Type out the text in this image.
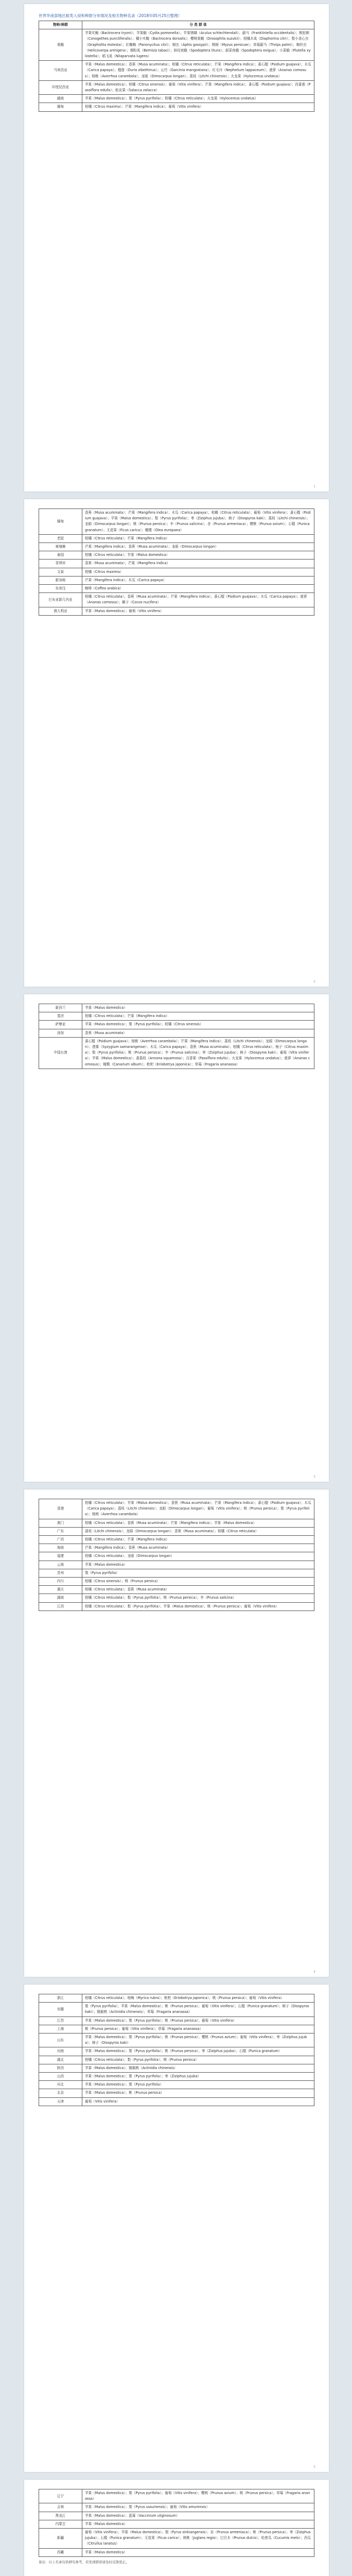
世界华南部地区蛙类入侵和种群分布情况及相关物种名录（2018年05月25日整理）
物种/种群	分 类 群 体
果蝇	苹果实蝇（Bactrocera tryoni）；苹果蛾（Cydia pomonella）；苹果锈螨（Aculus schlechtendali）；蓟马（Frankliniella occidentalis）；桃蛀螟（Conogethes punctiferalis）；橘小实蝇（Bactrocera dorsalis）；樱桃果蝇（Drosophila suzukii）；柑橘木虱（Diaphorina citri）；梨小食心虫（Grapholita molesta）；红蜘蛛（Panonychus citri）；蚜虫（Aphis gossypii）；桃蚜（Myzus persicae）；草莓蓟马（Thrips palmi）；棉铃虫（Helicoverpa armigera）；烟粉虱（Bemisia tabaci）；斜纹夜蛾（Spodoptera litura）；甜菜夜蛾（Spodoptera exigua）；小菜蛾（Plutella xylostella）；稻飞虱（Nilaparvata lugens）
马来西亚	苹果（Malus domestica）；香蕉（Musa acuminata）；柑橘（Citrus reticulata）；芒果（Mangifera indica）；番石榴（Psidium guajava）；木瓜（Carica papaya）；榴莲（Durio zibethinus）；山竹（Garcinia mangostana）；红毛丹（Nephelium lappaceum）；菠萝（Ananas comosus）；杨桃（Averrhoa carambola）；龙眼（Dimocarpus longan）；荔枝（Litchi chinensis）；火龙果（Hylocereus undatus）
印度尼西亚	苹果（Malus domestica）；柑橘（Citrus sinensis）；葡萄（Vitis vinifera）；芒果（Mangifera indica）；番石榴（Psidium guajava）；西番莲（Passiflora edulis）；蛇皮果（Salacca zalacca）
越南	苹果（Malus domestica）；梨（Pyrus pyrifolia）；柑橘（Citrus reticulata）；火龙果（Hylocereus undatus）
缅甸	柑橘（Citrus maxima）；芒果（Mangifera indica）；葡萄（Vitis vinifera）
1
缅甸	香蕉（Musa acuminata）；芒果（Mangifera indica）；木瓜（Carica papaya）；柑橘（Citrus reticulata）；葡萄（Vitis vinifera）；番石榴（Psidium guajava）；苹果（Malus domestica）；梨（Pyrus pyrifolia）；枣（Ziziphus jujuba）；柿子（Diospyros kaki）；荔枝（Litchi chinensis）；龙眼（Dimocarpus longan）；桃（Prunus persica）；李（Prunus salicina）；杏（Prunus armeniaca）；樱桃（Prunus avium）；石榴（Punica granatum）；无花果（Ficus carica）；橄榄（Olea europaea）
老挝	柑橘（Citrus reticulata）；芒果（Mangifera indica）
柬埔寨	芒果（Mangifera indica）；香蕉（Musa acuminata）；龙眼（Dimocarpus longan）
泰国	柑橘（Citrus reticulata）；苹果（Malus domestica）
菲律宾	香蕉（Musa acuminata）；芒果（Mangifera indica）
文莱	柑橘（Citrus maxima）
新加坡	芒果（Mangifera indica）；木瓜（Carica papaya）
东帝汶	咖啡（Coffea arabica）
巴布亚新几内亚	柑橘（Citrus reticulata）；香蕉（Musa acuminata）；芒果（Mangifera indica）；番石榴（Psidium guajava）；木瓜（Carica papaya）；菠萝（Ananas comosus）；椰子（Cocos nucifera）
澳大利亚	苹果（Malus domestica）；葡萄（Vitis vinifera）
2
新西兰	苹果（Malus domestica）
斐济	柑橘（Citrus reticulata）；芒果（Mangifera indica）
萨摩亚	苹果（Malus domestica）；梨（Pyrus pyrifolia）；柑橘（Citrus sinensis）
汤加	香蕉（Musa acuminata）
中国台湾	番石榴（Psidium guajava）；杨桃（Averrhoa carambola）；芒果（Mangifera indica）；荔枝（Litchi chinensis）；龙眼（Dimocarpus longan）；莲雾（Syzygium samarangense）；木瓜（Carica papaya）；香蕉（Musa acuminata）；柑橘（Citrus reticulata）；柚子（Citrus maxima）；梨（Pyrus pyrifolia）；桃（Prunus persica）；李（Prunus salicina）；枣（Ziziphus jujuba）；柿子（Diospyros kaki）；葡萄（Vitis vinifera）；苹果（Malus domestica）；番荔枝（Annona squamosa）；百香果（Passiflora edulis）；火龙果（Hylocereus undatus）；菠萝（Ananas comosus）；橄榄（Canarium album）；枇杷（Eriobotrya japonica）；草莓（Fragaria ananassa）
3
香港	柑橘（Citrus reticulata）；苹果（Malus domestica）；香蕉（Musa acuminata）；芒果（Mangifera indica）；番石榴（Psidium guajava）；木瓜（Carica papaya）；荔枝（Litchi chinensis）；龙眼（Dimocarpus longan）；葡萄（Vitis vinifera）；桃（Prunus persica）；梨（Pyrus pyrifolia）；杨桃（Averrhoa carambola）
澳门	柑橘（Citrus reticulata）；香蕉（Musa acuminata）；芒果（Mangifera indica）；苹果（Malus domestica）
广东	荔枝（Litchi chinensis）；龙眼（Dimocarpus longan）；香蕉（Musa acuminata）；柑橘（Citrus reticulata）
广西	柑橘（Citrus reticulata）；芒果（Mangifera indica）
海南	芒果（Mangifera indica）；香蕉（Musa acuminata）
福建	柑橘（Citrus reticulata）；龙眼（Dimocarpus longan）
云南	苹果（Malus domestica）
贵州	梨（Pyrus pyrifolia）
四川	柑橘（Citrus sinensis）；桃（Prunus persica）
重庆	柑橘（Citrus reticulata）；香蕉（Musa acuminata）
湖南	柑橘（Citrus reticulata）；梨（Pyrus pyrifolia）；桃（Prunus persica）；李（Prunus salicina）
江西	柑橘（Citrus reticulata）；梨（Pyrus pyrifolia）；苹果（Malus domestica）；桃（Prunus persica）；葡萄（Vitis vinifera）
4
浙江	柑橘（Citrus reticulata）；杨梅（Myrica rubra）；枇杷（Eriobotrya japonica）；桃（Prunus persica）；葡萄（Vitis vinifera）
安徽	梨（Pyrus pyrifolia）；苹果（Malus domestica）；桃（Prunus persica）；葡萄（Vitis vinifera）；石榴（Punica granatum）；柿子（Diospyros kaki）；猕猴桃（Actinidia chinensis）；草莓（Fragaria ananassa）
江苏	苹果（Malus domestica）；梨（Pyrus pyrifolia）；桃（Prunus persica）；葡萄（Vitis vinifera）
上海	桃（Prunus persica）；葡萄（Vitis vinifera）；草莓（Fragaria ananassa）
山东	苹果（Malus domestica）；梨（Pyrus pyrifolia）；桃（Prunus persica）；樱桃（Prunus avium）；葡萄（Vitis vinifera）；枣（Ziziphus jujuba）；柿子（Diospyros kaki）
河南	苹果（Malus domestica）；梨（Pyrus pyrifolia）；桃（Prunus persica）；枣（Ziziphus jujuba）；石榴（Punica granatum）
湖北	柑橘（Citrus reticulata）；梨（Pyrus pyrifolia）；桃（Prunus persica）
陕西	苹果（Malus domestica）；猕猴桃（Actinidia chinensis）
山西	苹果（Malus domestica）；梨（Pyrus pyrifolia）；枣（Ziziphus jujuba）
河北	苹果（Malus domestica）；梨（Pyrus pyrifolia）
北京	苹果（Malus domestica）；桃（Prunus persica）
天津	葡萄（Vitis vinifera）
5
辽宁	苹果（Malus domestica）；梨（Pyrus pyrifolia）；葡萄（Vitis vinifera）；樱桃（Prunus avium）；桃（Prunus persica）；草莓（Fragaria ananassa）
吉林	苹果（Malus domestica）；梨（Pyrus ussuriensis）；葡萄（Vitis amurensis）
黑龙江	苹果（Malus domestica）；蓝莓（Vaccinium uliginosum）
内蒙古	苹果（Malus domestica）
新疆	葡萄（Vitis vinifera）；苹果（Malus domestica）；梨（Pyrus sinkiangensis）；杏（Prunus armeniaca）；桃（Prunus persica）；枣（Ziziphus jujuba）；石榴（Punica granatum）；无花果（Ficus carica）；核桃（Juglans regia）；巴旦木（Prunus dulcis）；哈密瓜（Cucumis melo）；西瓜（Citrullus lanatus）
西藏	苹果（Malus domestica）
备注：以上名录仅供研究参考，若发现错误请及时反馈更正。
